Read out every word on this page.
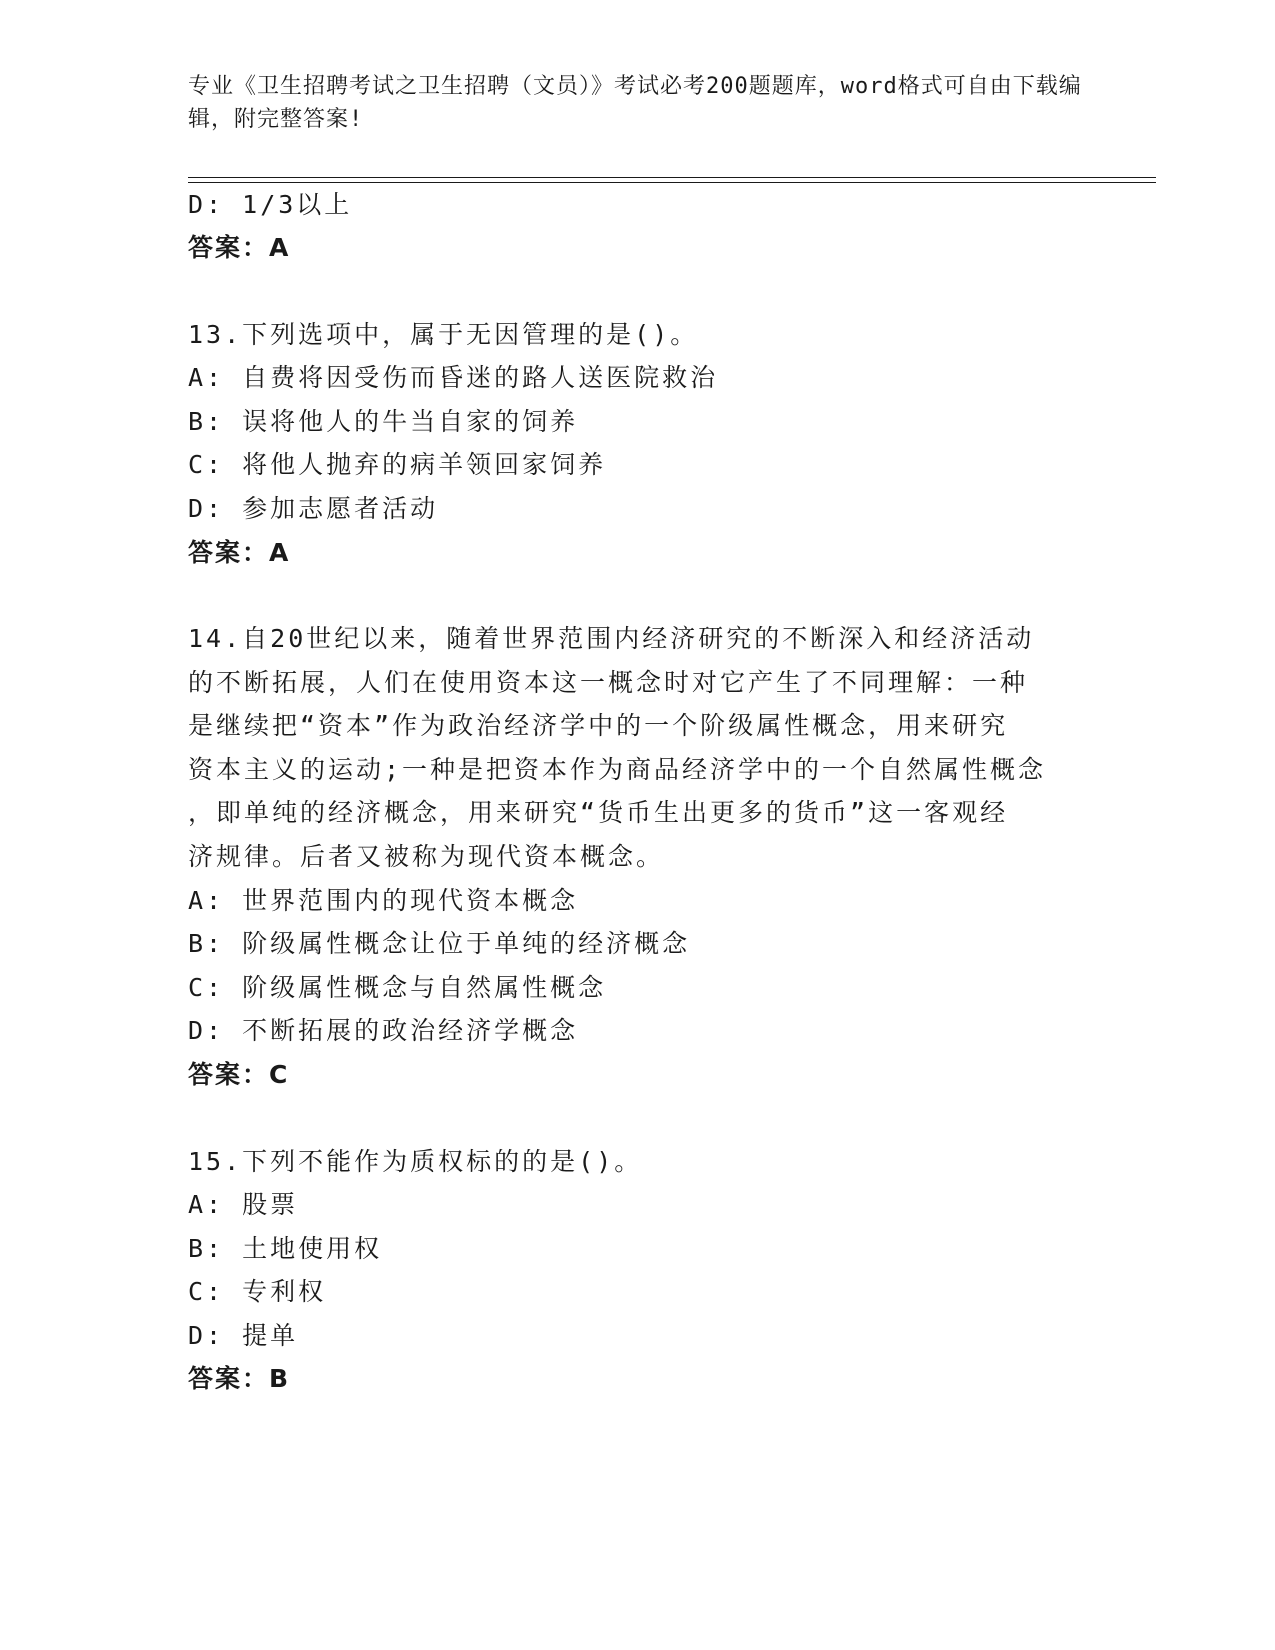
专业《卫生招聘考试之卫生招聘（文员）》考试必考200题题库，word格式可自由下载编辑，附完整答案!
D: 1/3以上
答案：A
13.下列选项中，属于无因管理的是()。
A: 自费将因受伤而昏迷的路人送医院救治
B: 误将他人的牛当自家的饲养
C: 将他人抛弃的病羊领回家饲养
D: 参加志愿者活动
答案：A
14.自20世纪以来，随着世界范围内经济研究的不断深入和经济活动
的不断拓展，人们在使用资本这一概念时对它产生了不同理解：一种
是继续把“资本”作为政治经济学中的一个阶级属性概念，用来研究
资本主义的运动;一种是把资本作为商品经济学中的一个自然属性概念
，即单纯的经济概念，用来研究“货币生出更多的货币”这一客观经
济规律。后者又被称为现代资本概念。
A: 世界范围内的现代资本概念
B: 阶级属性概念让位于单纯的经济概念
C: 阶级属性概念与自然属性概念
D: 不断拓展的政治经济学概念
答案：C
15.下列不能作为质权标的的是()。
A: 股票
B: 土地使用权
C: 专利权
D: 提单
答案：B
